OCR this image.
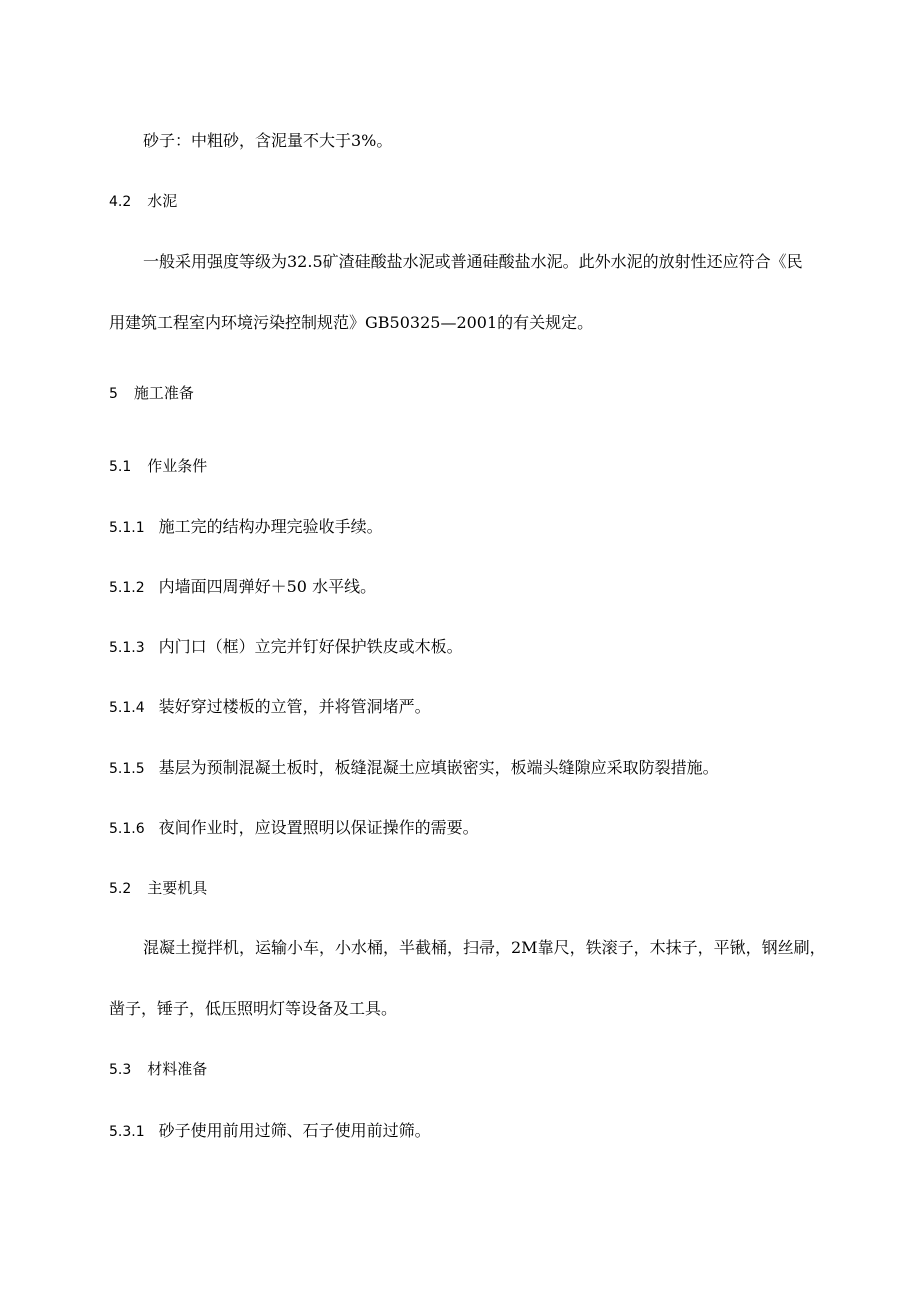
砂子：中粗砂，含泥量不大于3%。
4.2 水泥
一般采用强度等级为32.5矿渣硅酸盐水泥或普通硅酸盐水泥。此外水泥的放射性还应符合《民
用建筑工程室内环境污染控制规范》GB50325—2001的有关规定。
5 施工准备
5.1 作业条件
5.1.1 施工完的结构办理完验收手续。
5.1.2 内墙面四周弹好＋50 水平线。
5.1.3 内门口（框）立完并钉好保护铁皮或木板。
5.1.4 装好穿过楼板的立管，并将管洞堵严。
5.1.5 基层为预制混凝土板时，板缝混凝土应填嵌密实，板端头缝隙应采取防裂措施。
5.1.6 夜间作业时，应设置照明以保证操作的需要。
5.2 主要机具
混凝土搅拌机，运输小车，小水桶，半截桶，扫帚，2M靠尺，铁滚子，木抹子，平锹，钢丝刷，
凿子，锤子，低压照明灯等设备及工具。
5.3 材料准备
5.3.1 砂子使用前用过筛、石子使用前过筛。
